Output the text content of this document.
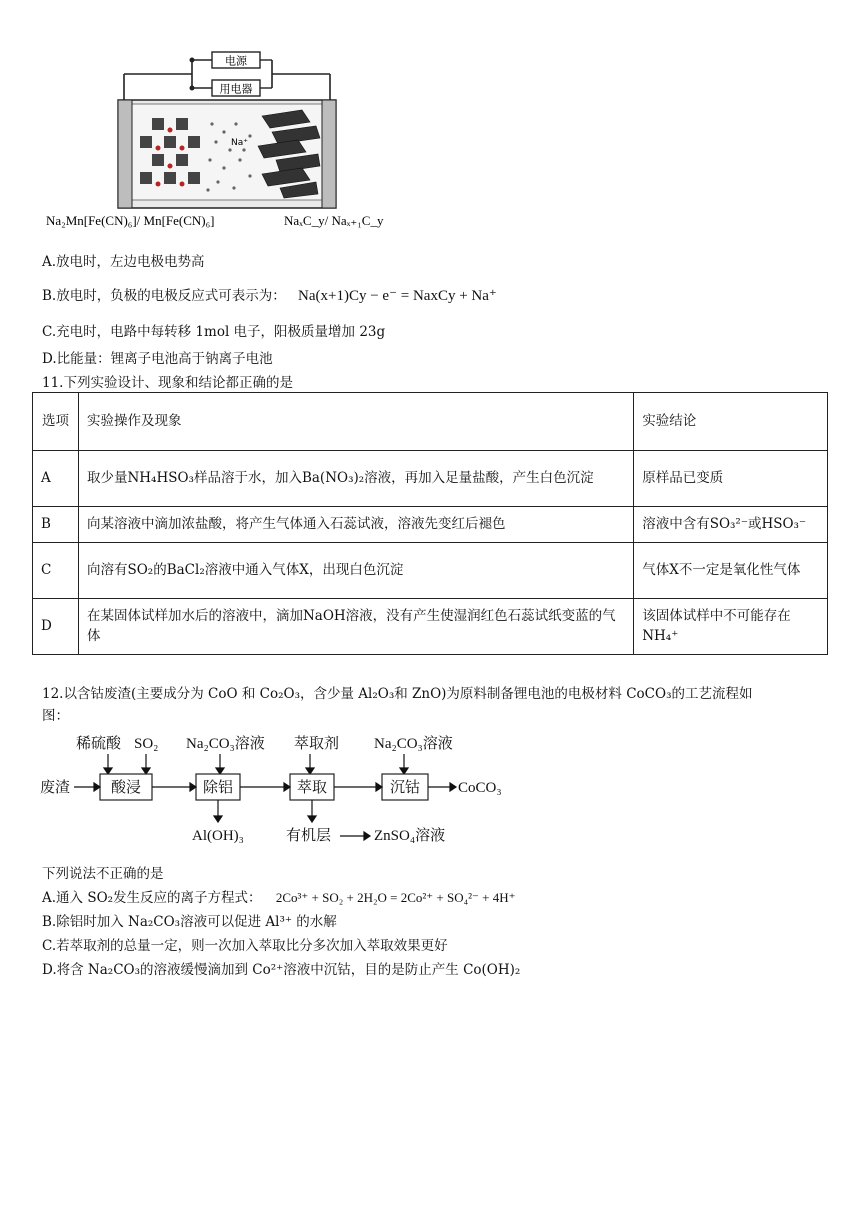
电源
用电器
Na⁺
Na₂Mn[Fe(CN)₆]/ Mn[Fe(CN)₆]	NaₓC_y/ Naₓ₊₁C_y
A.放电时，左边电极电势高
B.放电时，负极的电极反应式可表示为： Na(x+1)Cy − e⁻ = NaxCy + Na⁺
C.充电时，电路中每转移 1mol 电子，阳极质量增加 23g
D.比能量：锂离子电池高于钠离子电池
11.下列实验设计、现象和结论都正确的是
选项	实验操作及现象	实验结论
A	取少量NH₄HSO₃样品溶于水，加入Ba(NO₃)₂溶液，再加入足量盐酸，产生白色沉淀	原样品已变质
B	向某溶液中滴加浓盐酸，将产生气体通入石蕊试液，溶液先变红后褪色	溶液中含有SO₃²⁻或HSO₃⁻
C	向溶有SO₂的BaCl₂溶液中通入气体X，出现白色沉淀	气体X不一定是氧化性气体
D	在某固体试样加水后的溶液中，滴加NaOH溶液，没有产生使湿润红色石蕊试纸变蓝的气体	该固体试样中不可能存在NH₄⁺
12.以含钴废渣(主要成分为 CoO 和 Co₂O₃，含少量 Al₂O₃和 ZnO)为原料制备锂电池的电极材料 CoCO₃的工艺流程如
图：
稀硫酸 SO₂ Na₂CO₃溶液 萃取剂 Na₂CO₃溶液
废渣	酸浸	除铝	萃取	沉钴	CoCO₃
Al(OH)₃	有机层	ZnSO₄溶液
下列说法不正确的是
A.通入 SO₂发生反应的离子方程式： 2Co³⁺ + SO₂ + 2H₂O = 2Co²⁺ + SO₄²⁻ + 4H⁺
B.除铝时加入 Na₂CO₃溶液可以促进 Al³⁺ 的水解
C.若萃取剂的总量一定，则一次加入萃取比分多次加入萃取效果更好
D.将含 Na₂CO₃的溶液缓慢滴加到 Co²⁺溶液中沉钴，目的是防止产生 Co(OH)₂
